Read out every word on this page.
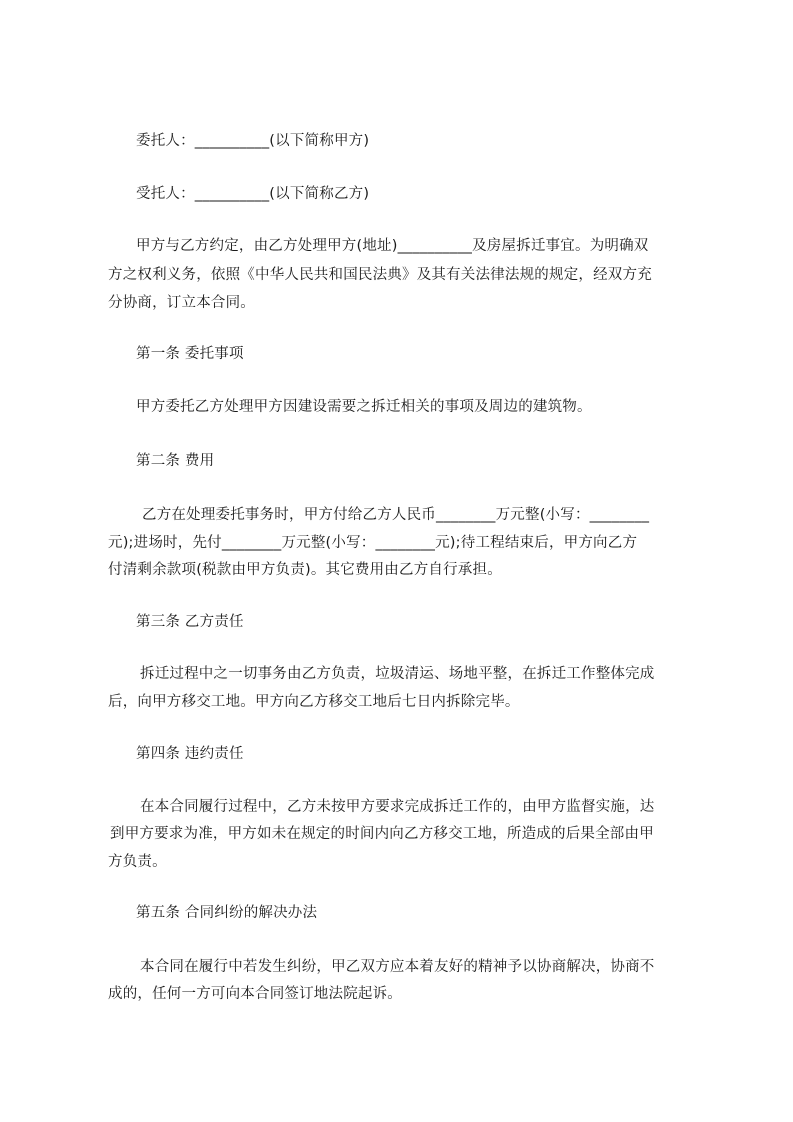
委托人：__________(以下简称甲方)
受托人：__________(以下简称乙方)
甲方与乙方约定，由乙方处理甲方(地址)__________及房屋拆迁事宜。为明确双
方之权利义务，依照《中华人民共和国民法典》及其有关法律法规的规定，经双方充
分协商，订立本合同。
第一条 委托事项
甲方委托乙方处理甲方因建设需要之拆迁相关的事项及周边的建筑物。
第二条 费用
乙方在处理委托事务时，甲方付给乙方人民币________万元整(小写：________
元);进场时，先付________万元整(小写：________元);待工程结束后，甲方向乙方
付清剩余款项(税款由甲方负责)。其它费用由乙方自行承担。
第三条 乙方责任
拆迁过程中之一切事务由乙方负责，垃圾清运、场地平整，在拆迁工作整体完成
后，向甲方移交工地。甲方向乙方移交工地后七日内拆除完毕。
第四条 违约责任
在本合同履行过程中，乙方未按甲方要求完成拆迁工作的，由甲方监督实施，达
到甲方要求为准，甲方如未在规定的时间内向乙方移交工地，所造成的后果全部由甲
方负责。
第五条 合同纠纷的解决办法
本合同在履行中若发生纠纷，甲乙双方应本着友好的精神予以协商解决，协商不
成的，任何一方可向本合同签订地法院起诉。
